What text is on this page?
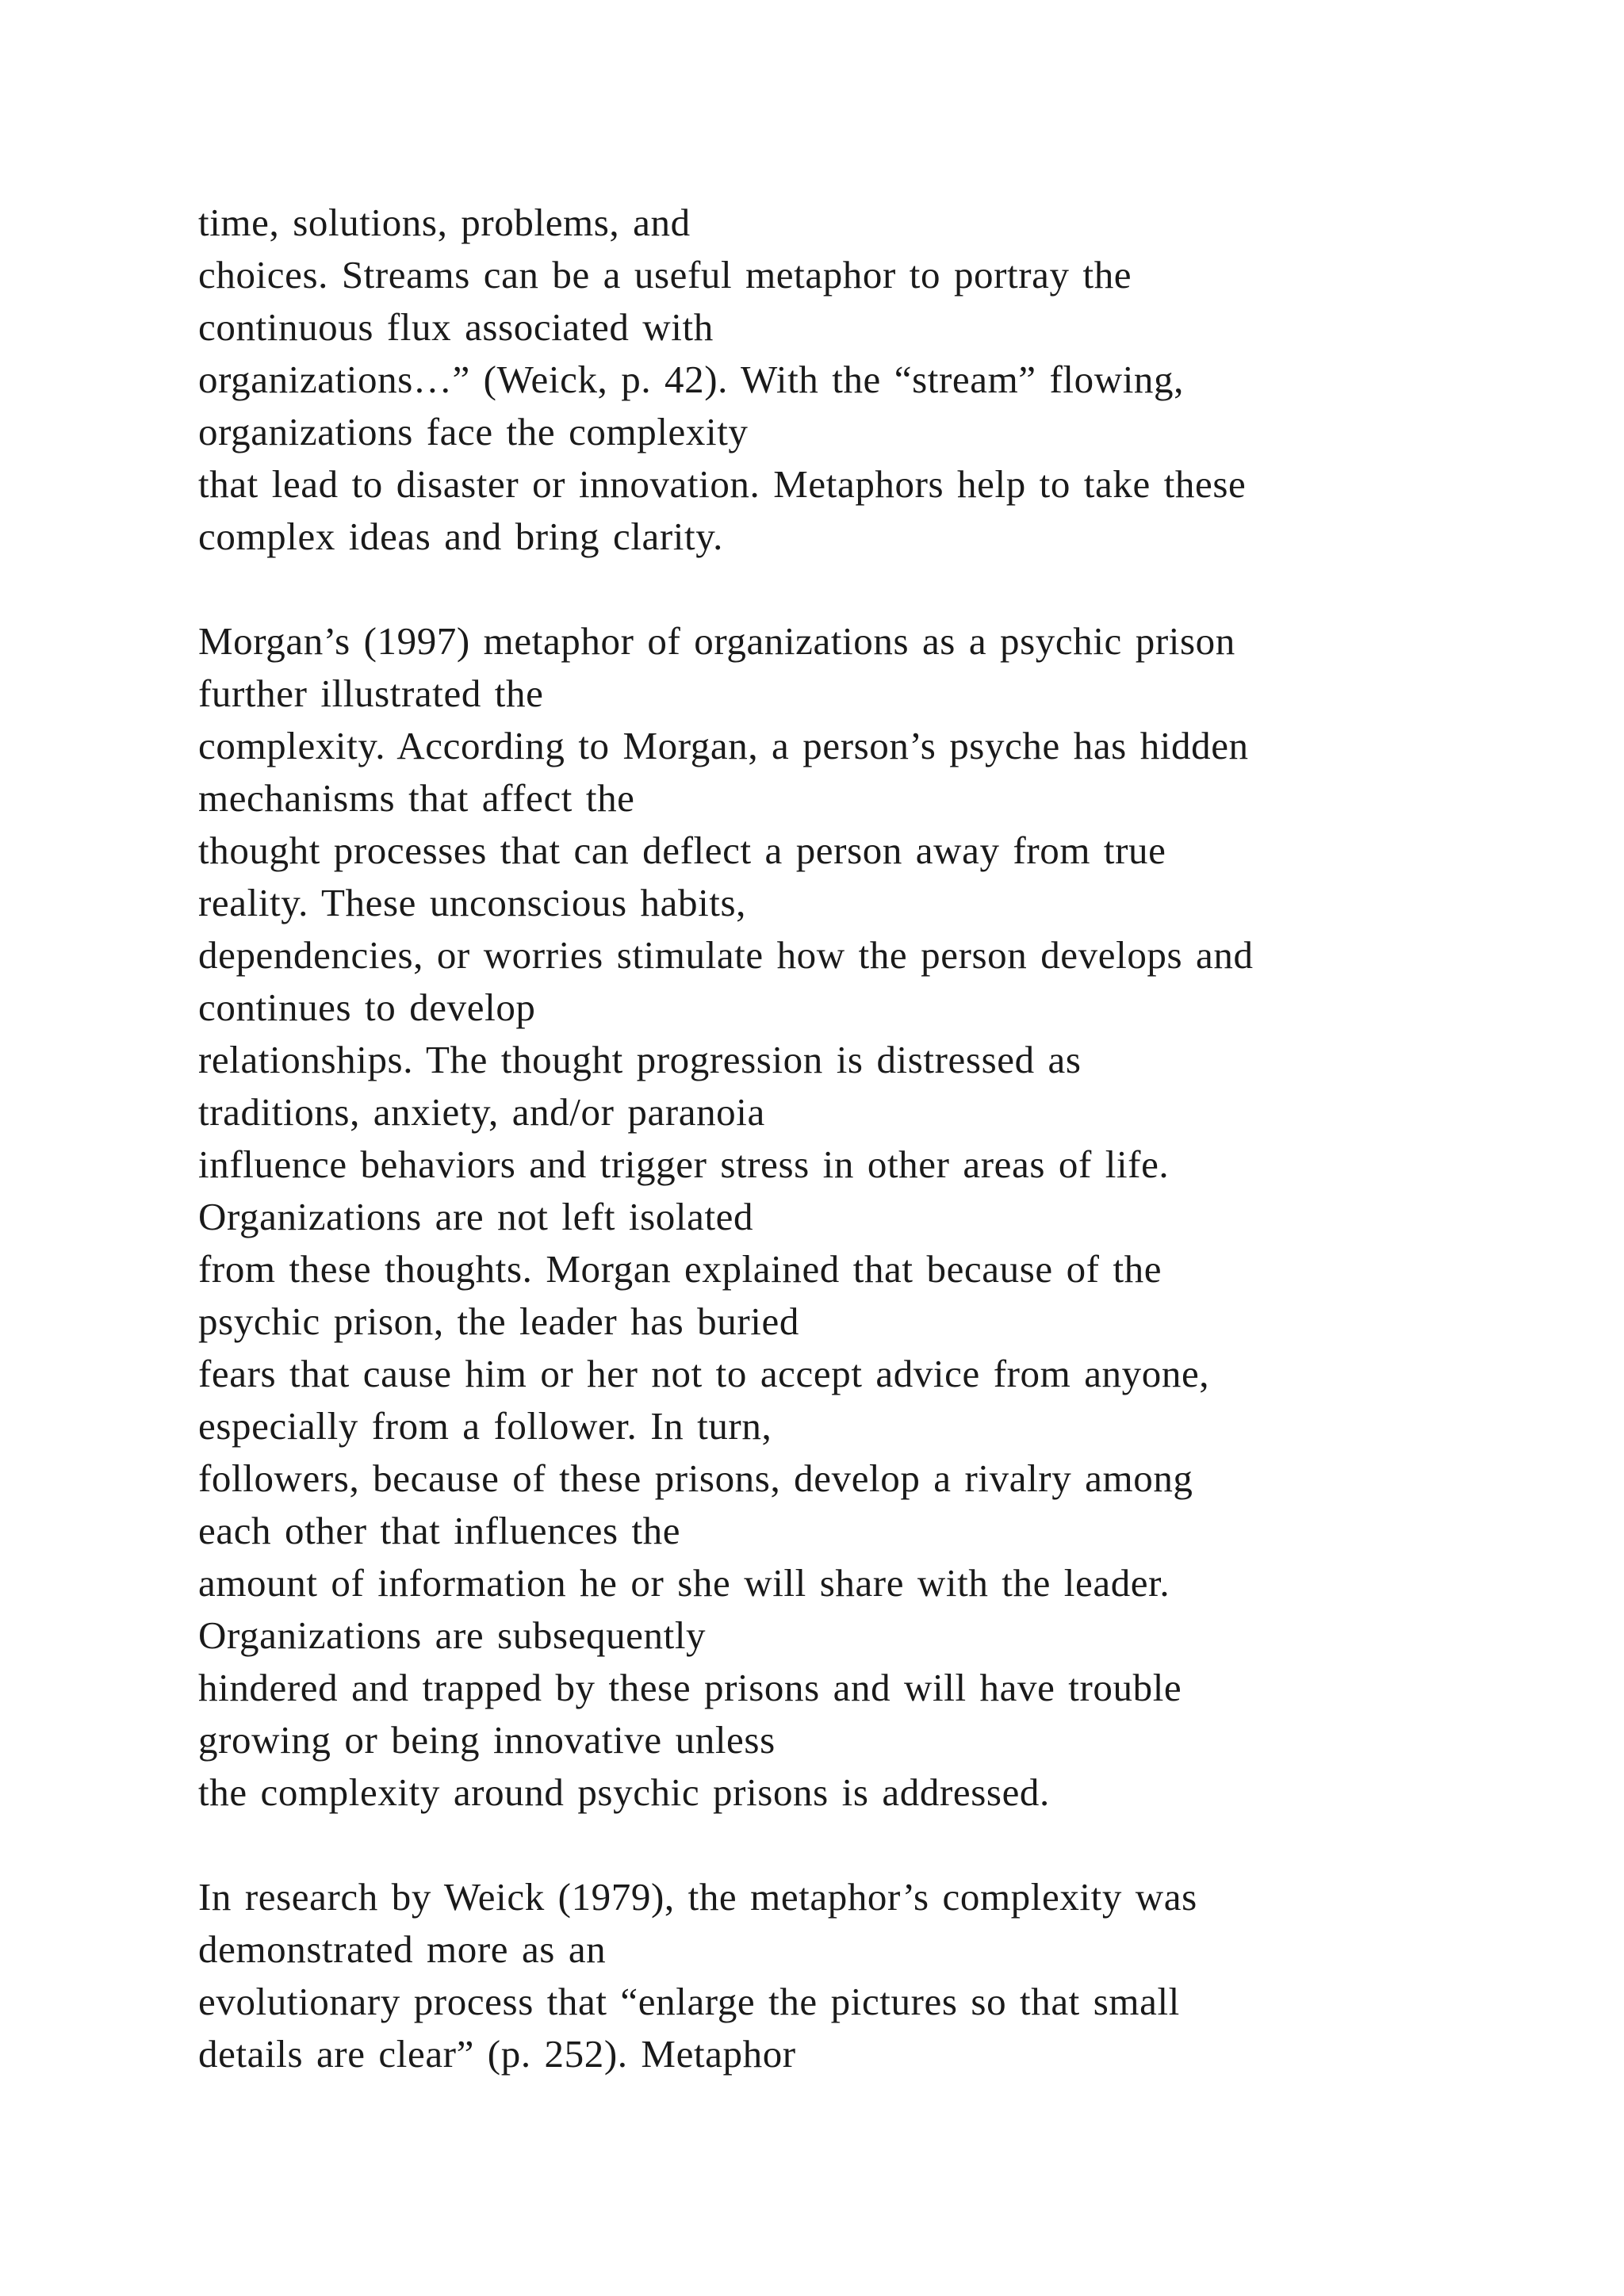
time, solutions, problems, and
choices. Streams can be a useful metaphor to portray the
continuous flux associated with
organizations…” (Weick, p. 42). With the “stream” flowing,
organizations face the complexity
that lead to disaster or innovation. Metaphors help to take these
complex ideas and bring clarity.
Morgan’s (1997) metaphor of organizations as a psychic prison
further illustrated the
complexity. According to Morgan, a person’s psyche has hidden
mechanisms that affect the
thought processes that can deflect a person away from true
reality. These unconscious habits,
dependencies, or worries stimulate how the person develops and
continues to develop
relationships. The thought progression is distressed as
traditions, anxiety, and/or paranoia
influence behaviors and trigger stress in other areas of life.
Organizations are not left isolated
from these thoughts. Morgan explained that because of the
psychic prison, the leader has buried
fears that cause him or her not to accept advice from anyone,
especially from a follower. In turn,
followers, because of these prisons, develop a rivalry among
each other that influences the
amount of information he or she will share with the leader.
Organizations are subsequently
hindered and trapped by these prisons and will have trouble
growing or being innovative unless
the complexity around psychic prisons is addressed.
In research by Weick (1979), the metaphor’s complexity was
demonstrated more as an
evolutionary process that “enlarge the pictures so that small
details are clear” (p. 252). Metaphor
